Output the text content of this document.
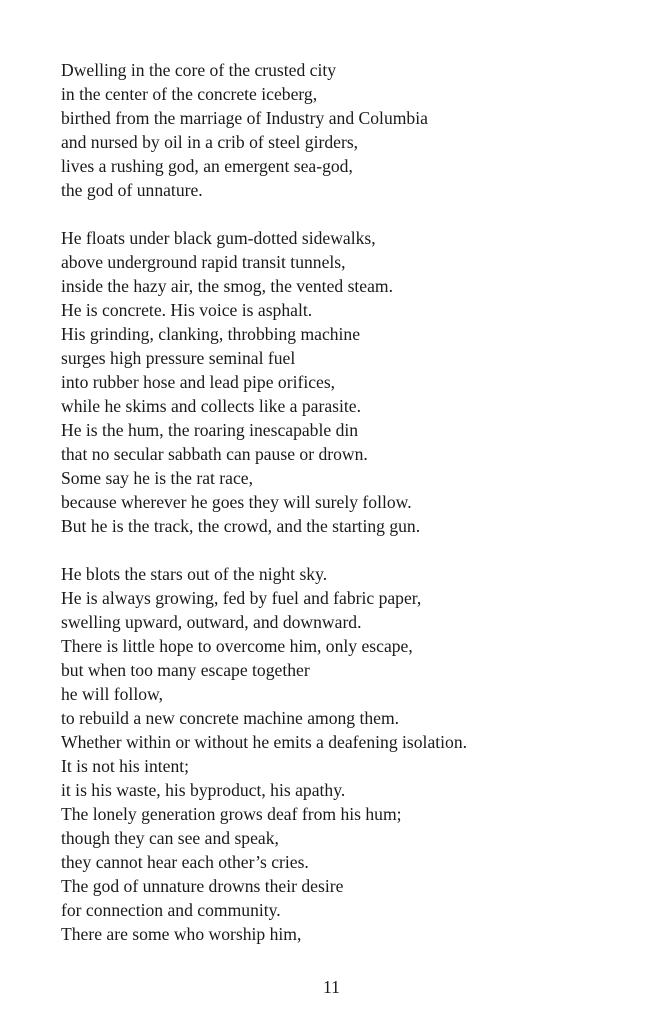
Dwelling in the core of the crusted city
in the center of the concrete iceberg,
birthed from the marriage of Industry and Columbia
and nursed by oil in a crib of steel girders,
lives a rushing god, an emergent sea-god,
the god of unnature.
He floats under black gum-dotted sidewalks,
above underground rapid transit tunnels,
inside the hazy air, the smog, the vented steam.
He is concrete. His voice is asphalt.
His grinding, clanking, throbbing machine
surges high pressure seminal fuel
into rubber hose and lead pipe orifices,
while he skims and collects like a parasite.
He is the hum, the roaring inescapable din
that no secular sabbath can pause or drown.
Some say he is the rat race,
because wherever he goes they will surely follow.
But he is the track, the crowd, and the starting gun.
He blots the stars out of the night sky.
He is always growing, fed by fuel and fabric paper,
swelling upward, outward, and downward.
There is little hope to overcome him, only escape,
but when too many escape together
he will follow,
to rebuild a new concrete machine among them.
Whether within or without he emits a deafening isolation.
It is not his intent;
it is his waste, his byproduct, his apathy.
The lonely generation grows deaf from his hum;
though they can see and speak,
they cannot hear each other’s cries.
The god of unnature drowns their desire
for connection and community.
There are some who worship him,
11
